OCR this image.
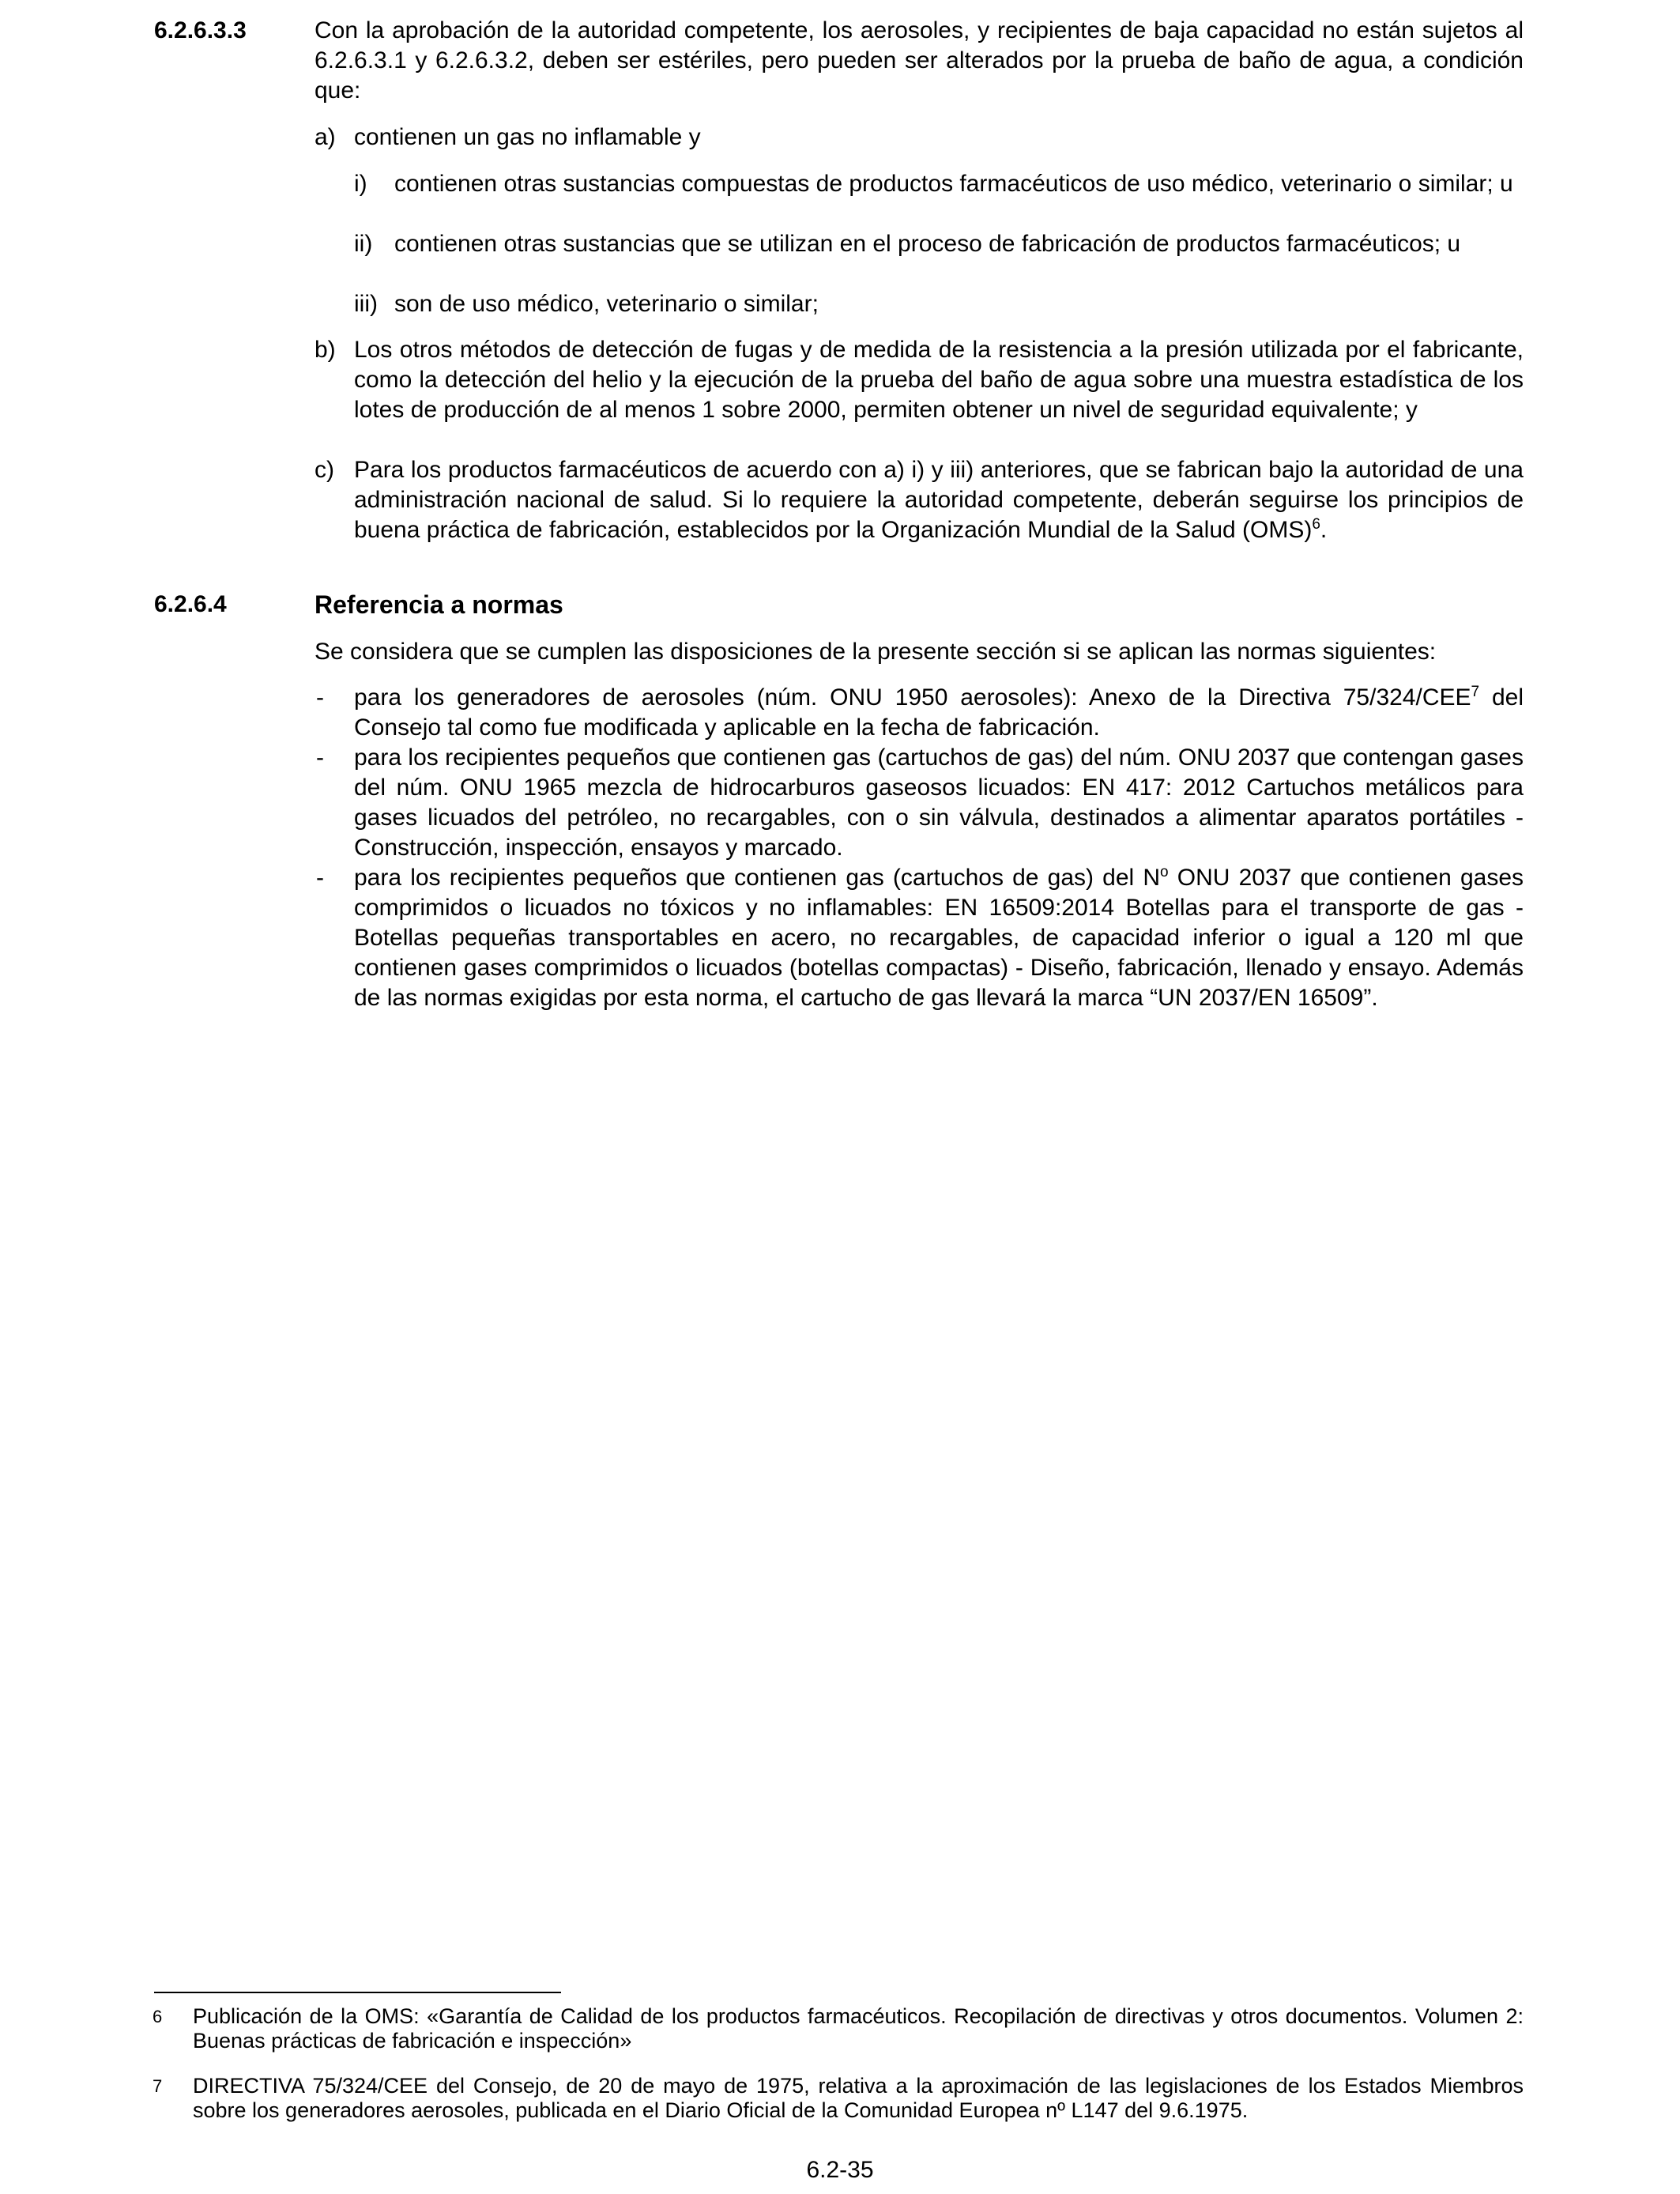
6.2.6.3.3	Con la aprobación de la autoridad competente, los aerosoles, y recipientes de baja capacidad no están sujetos al 6.2.6.3.1 y 6.2.6.3.2, deben ser estériles, pero pueden ser alterados por la prueba de baño de agua, a condición que:
a) contienen un gas no inflamable y
i) contienen otras sustancias compuestas de productos farmacéuticos de uso médico, veterinario o similar; u
ii) contienen otras sustancias que se utilizan en el proceso de fabricación de productos farmacéuticos; u
iii) son de uso médico, veterinario o similar;
b) Los otros métodos de detección de fugas y de medida de la resistencia a la presión utilizada por el fabricante, como la detección del helio y la ejecución de la prueba del baño de agua sobre una muestra estadística de los lotes de producción de al menos 1 sobre 2000, permiten obtener un nivel de seguridad equivalente; y
c) Para los productos farmacéuticos de acuerdo con a) i) y iii) anteriores, que se fabrican bajo la autoridad de una administración nacional de salud. Si lo requiere la autoridad competente, deberán seguirse los principios de buena práctica de fabricación, establecidos por la Organización Mundial de la Salud (OMS)$^6$.
6.2.6.4	Referencia a normas
Se considera que se cumplen las disposiciones de la presente sección si se aplican las normas siguientes:
- para los generadores de aerosoles (núm. ONU 1950 aerosoles): Anexo de la Directiva 75/324/CEE$^7$ del Consejo tal como fue modificada y aplicable en la fecha de fabricación.
- para los recipientes pequeños que contienen gas (cartuchos de gas) del núm. ONU 2037 que contengan gases del núm. ONU 1965 mezcla de hidrocarburos gaseosos licuados: EN 417: 2012 Cartuchos metálicos para gases licuados del petróleo, no recargables, con o sin válvula, destinados a alimentar aparatos portátiles - Construcción, inspección, ensayos y marcado.
- para los recipientes pequeños que contienen gas (cartuchos de gas) del $N^o$ ONU 2037 que contienen gases comprimidos o licuados no tóxicos y no inflamables: EN 16509:2014 Botellas para el transporte de gas - Botellas pequeñas transportables en acero, no recargables, de capacidad inferior o igual a 120 ml que contienen gases comprimidos o licuados (botellas compactas) - Diseño, fabricación, llenado y ensayo. Además de las normas exigidas por esta norma, el cartucho de gas llevará la marca “UN 2037/EN 16509”.
6 Publicación de la OMS: «Garantía de Calidad de los productos farmacéuticos. Recopilación de directivas y otros documentos. Volumen 2: Buenas prácticas de fabricación e inspección»
7 DIRECTIVA 75/324/CEE del Consejo, de 20 de mayo de 1975, relativa a la aproximación de las legislaciones de los Estados Miembros sobre los generadores aerosoles, publicada en el Diario Oficial de la Comunidad Europea nº L147 del 9.6.1975.
6.2-35
